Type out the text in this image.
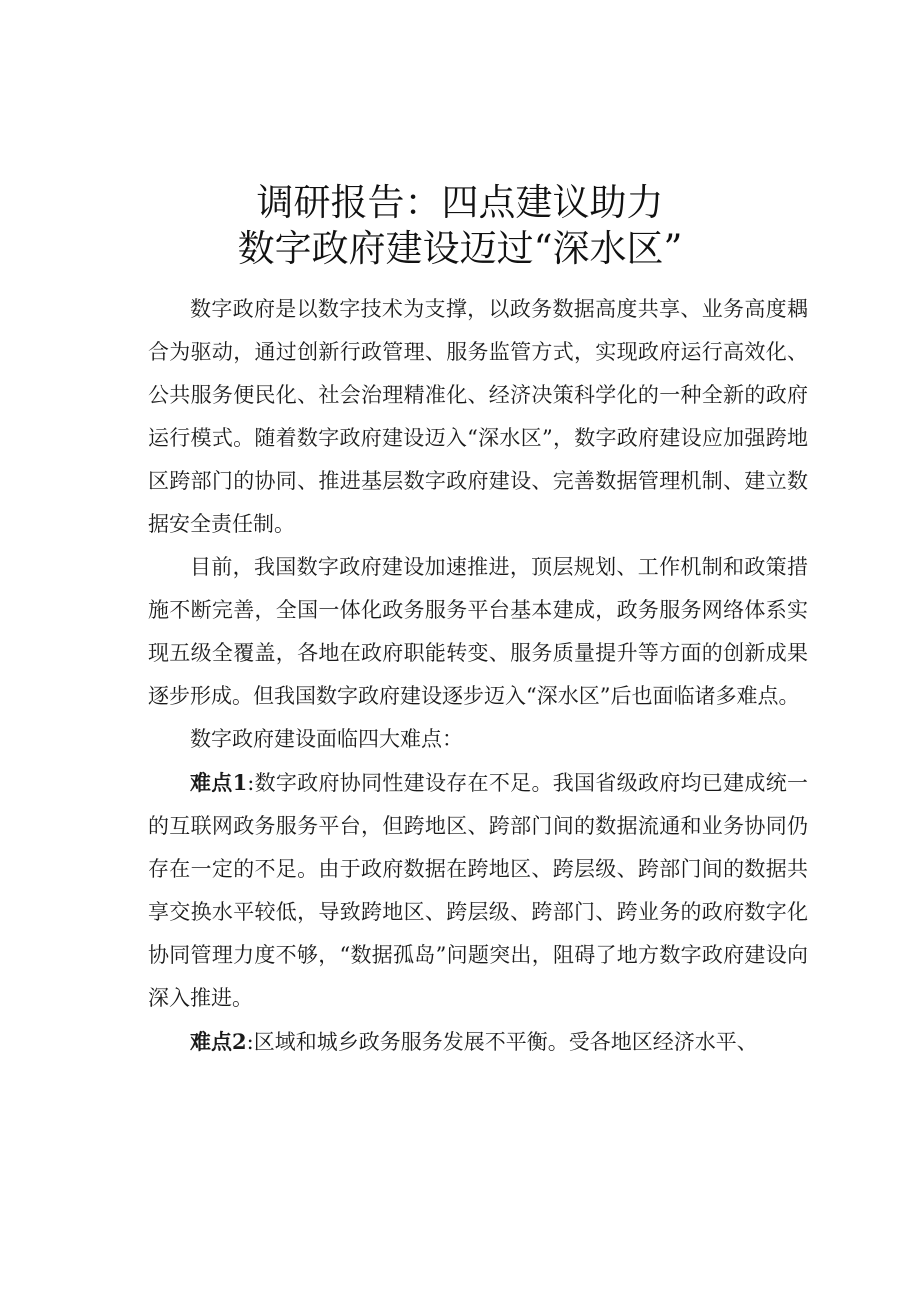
调研报告：四点建议助力
数字政府建设迈过“深水区”

数字政府是以数字技术为支撑，以政务数据高度共享、业务高度耦合为驱动，通过创新行政管理、服务监管方式，实现政府运行高效化、公共服务便民化、社会治理精准化、经济决策科学化的一种全新的政府运行模式。随着数字政府建设迈入“深水区”，数字政府建设应加强跨地区跨部门的协同、推进基层数字政府建设、完善数据管理机制、建立数据安全责任制。

目前，我国数字政府建设加速推进，顶层规划、工作机制和政策措施不断完善，全国一体化政务服务平台基本建成，政务服务网络体系实现五级全覆盖，各地在政府职能转变、服务质量提升等方面的创新成果逐步形成。但我国数字政府建设逐步迈入“深水区”后也面临诸多难点。

数字政府建设面临四大难点：

难点1:数字政府协同性建设存在不足。我国省级政府均已建成统一的互联网政务服务平台，但跨地区、跨部门间的数据流通和业务协同仍存在一定的不足。由于政府数据在跨地区、跨层级、跨部门间的数据共享交换水平较低，导致跨地区、跨层级、跨部门、跨业务的政府数字化协同管理力度不够，“数据孤岛”问题突出，阻碍了地方数字政府建设向深入推进。

难点2:区域和城乡政务服务发展不平衡。受各地区经济水平、
